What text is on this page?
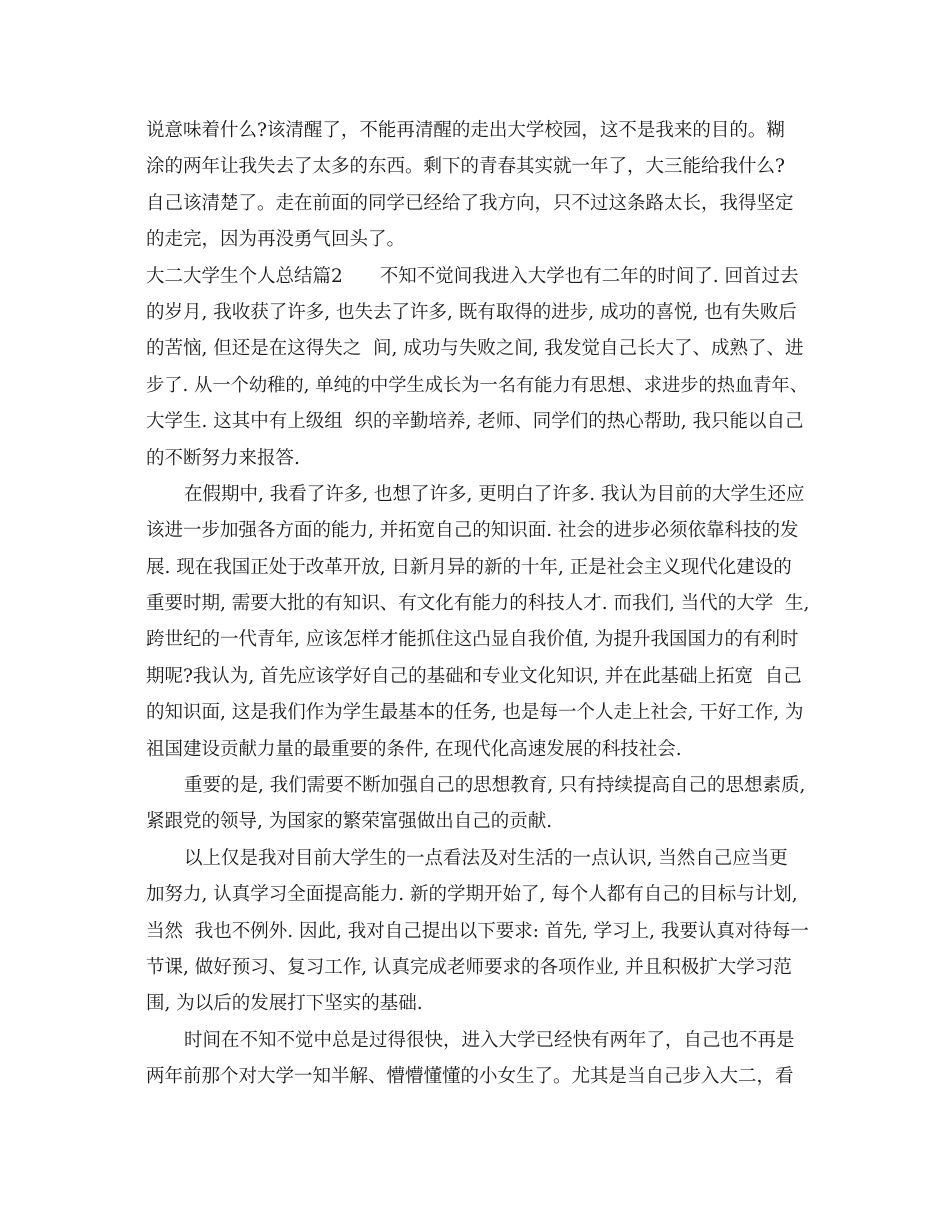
说意味着什么?该清醒了，不能再清醒的走出大学校园，这不是我来的目的。糊
涂的两年让我失去了太多的东西。剩下的青春其实就一年了，大三能给我什么?
自己该清楚了。走在前面的同学已经给了我方向，只不过这条路太长，我得坚定
的走完，因为再没勇气回头了。
大二大学生个人总结篇2　　不知不觉间我进入大学也有二年的时间了. 回首过去
的岁月, 我收获了许多, 也失去了许多, 既有取得的进步, 成功的喜悦, 也有失败后
的苦恼, 但还是在这得失之  间, 成功与失败之间, 我发觉自己长大了、成熟了、进
步了. 从一个幼稚的, 单纯的中学生成长为一名有能力有思想、求进步的热血青年、
大学生. 这其中有上级组  织的辛勤培养, 老师、同学们的热心帮助, 我只能以自己
的不断努力来报答.
在假期中, 我看了许多, 也想了许多, 更明白了许多. 我认为目前的大学生还应
该进一步加强各方面的能力, 并拓宽自己的知识面. 社会的进步必须依靠科技的发
展. 现在我国正处于改革开放, 日新月异的新的十年, 正是社会主义现代化建设的
重要时期, 需要大批的有知识、有文化有能力的科技人才. 而我们, 当代的大学  生,
跨世纪的一代青年, 应该怎样才能抓住这凸显自我价值, 为提升我国国力的有利时
期呢?我认为, 首先应该学好自己的基础和专业文化知识, 并在此基础上拓宽  自己
的知识面, 这是我们作为学生最基本的任务, 也是每一个人走上社会, 干好工作, 为
祖国建设贡献力量的最重要的条件, 在现代化高速发展的科技社会.
重要的是, 我们需要不断加强自己的思想教育, 只有持续提高自己的思想素质,
紧跟党的领导, 为国家的繁荣富强做出自己的贡献.
以上仅是我对目前大学生的一点看法及对生活的一点认识, 当然自己应当更
加努力, 认真学习全面提高能力. 新的学期开始了, 每个人都有自己的目标与计划,
当然  我也不例外. 因此, 我对自己提出以下要求: 首先, 学习上, 我要认真对待每一
节课, 做好预习、复习工作, 认真完成老师要求的各项作业, 并且积极扩大学习范
围, 为以后的发展打下坚实的基础.
时间在不知不觉中总是过得很快，进入大学已经快有两年了，自己也不再是
两年前那个对大学一知半解、懵懵懂懂的小女生了。尤其是当自己步入大二，看
